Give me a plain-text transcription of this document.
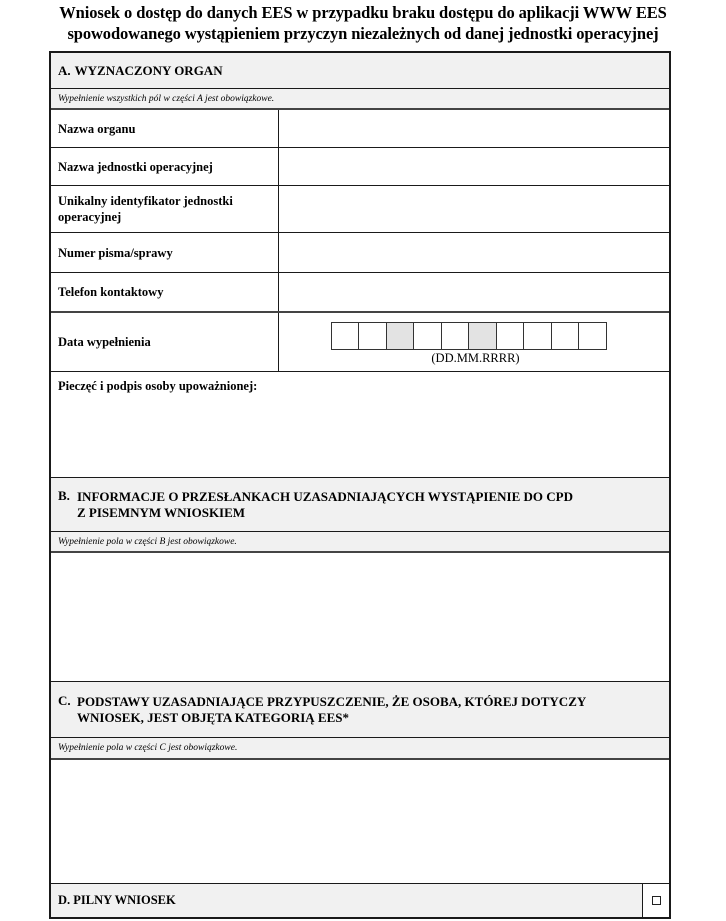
Wniosek o dostęp do danych EES w przypadku braku dostępu do aplikacji WWW EES
spowodowanego wystąpieniem przyczyn niezależnych od danej jednostki operacyjnej
A. WYZNACZONY ORGAN
Wypełnienie wszystkich pól w części A jest obowiązkowe.
Nazwa organu
Nazwa jednostki operacyjnej
Unikalny identyfikator jednostki operacyjnej
Numer pisma/sprawy
Telefon kontaktowy
Data wypełnienia
(DD.MM.RRRR)
Pieczęć i podpis osoby upoważnionej:
B. INFORMACJE O PRZESŁANKACH UZASADNIAJĄCYCH WYSTĄPIENIE DO CPD
Z PISEMNYM WNIOSKIEM
Wypełnienie pola w części B jest obowiązkowe.
C. PODSTAWY UZASADNIAJĄCE PRZYPUSZCZENIE, ŻE OSOBA, KTÓREJ DOTYCZY
WNIOSEK, JEST OBJĘTA KATEGORIĄ EES*
Wypełnienie pola w części C jest obowiązkowe.
D. PILNY WNIOSEK
